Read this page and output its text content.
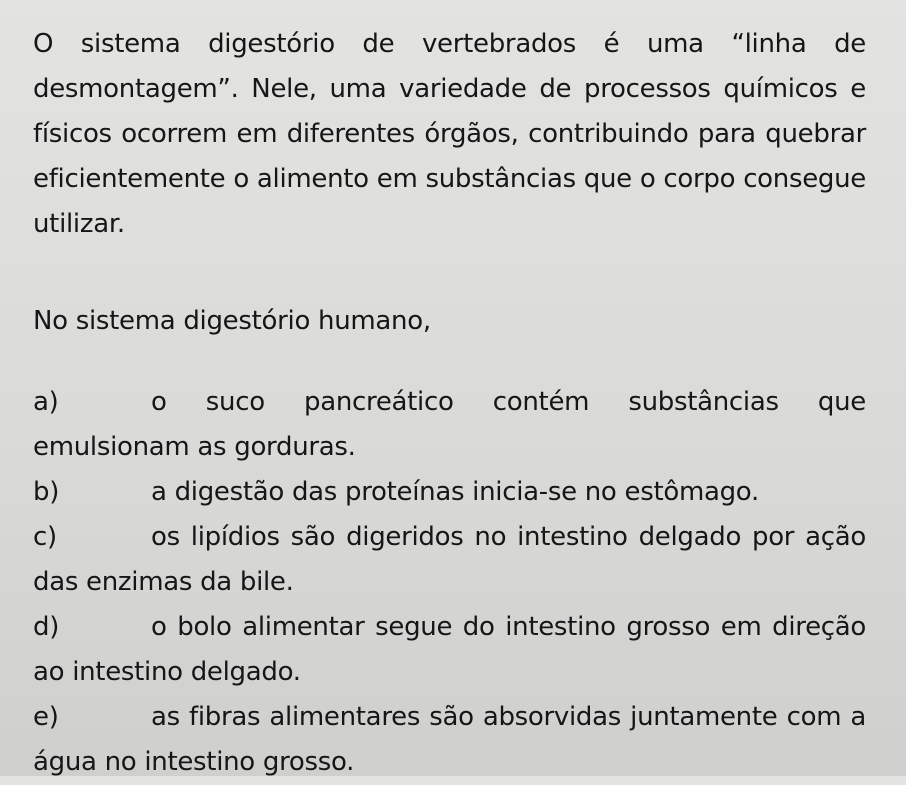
O sistema digestório de vertebrados é uma “linha de desmontagem”. Nele, uma variedade de processos químicos e físicos ocorrem em diferentes órgãos, contribuindo para quebrar eficientemente o alimento em substâncias que o corpo consegue utilizar.

No sistema digestório humano,

a)	o suco pancreático contém substâncias que emulsionam as gorduras.

b)	a digestão das proteínas inicia-se no estômago.

c)	os lipídios são digeridos no intestino delgado por ação das enzimas da bile.

d)	o bolo alimentar segue do intestino grosso em direção ao intestino delgado.

e)	as fibras alimentares são absorvidas juntamente com a água no intestino grosso.
